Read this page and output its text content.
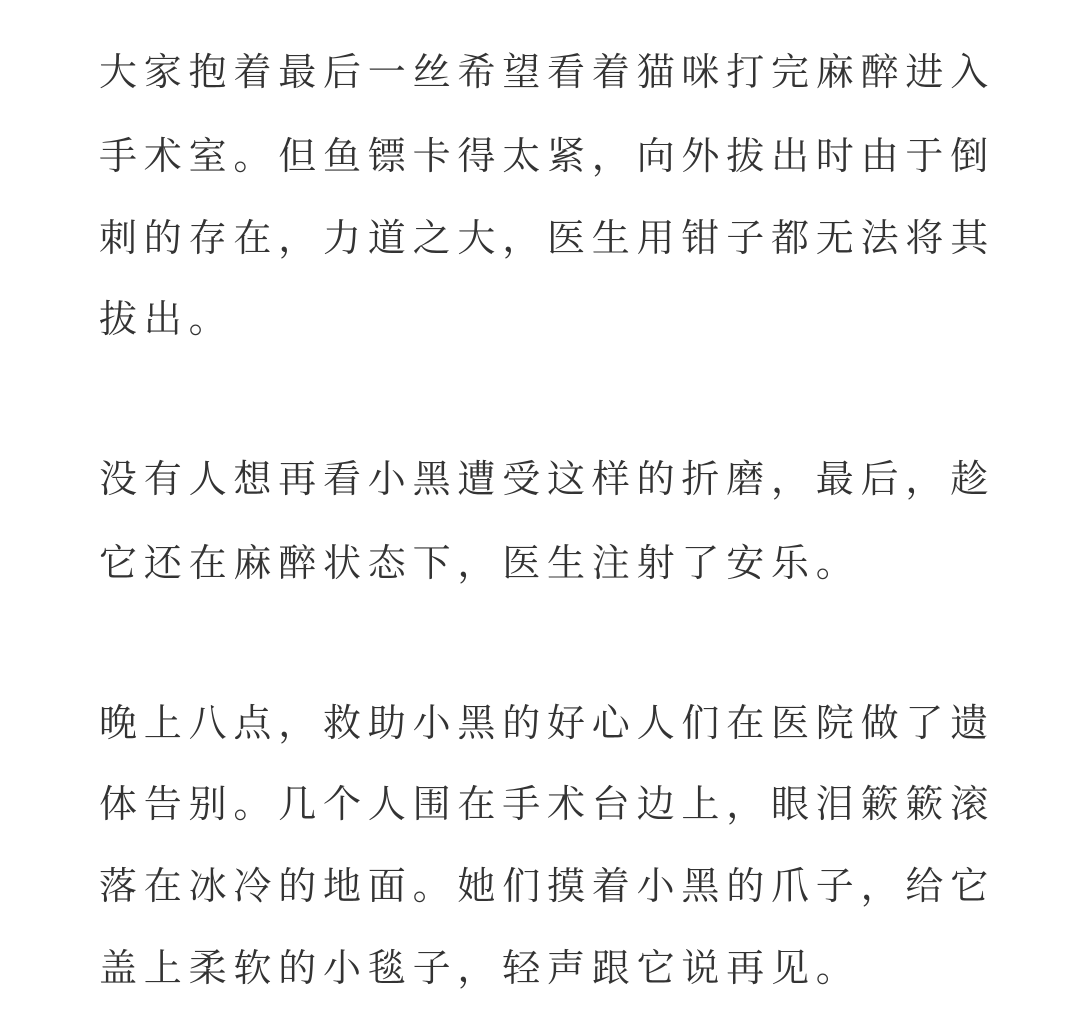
大家抱着最后一丝希望看着猫咪打完麻醉进入
手术室。但鱼镖卡得太紧，向外拔出时由于倒
刺的存在，力道之大，医生用钳子都无法将其
拔出。
没有人想再看小黑遭受这样的折磨，最后，趁
它还在麻醉状态下，医生注射了安乐。
晚上八点，救助小黑的好心人们在医院做了遗
体告别。几个人围在手术台边上，眼泪簌簌滚
落在冰冷的地面。她们摸着小黑的爪子，给它
盖上柔软的小毯子，轻声跟它说再见。
